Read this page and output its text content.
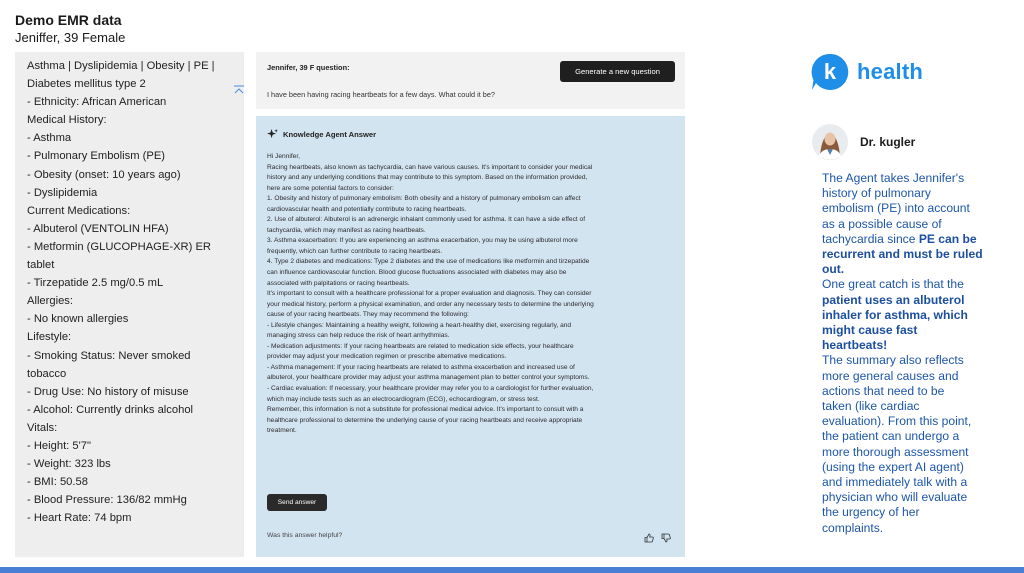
Demo EMR data
Jeniffer, 39 Female
Asthma | Dyslipidemia | Obesity | PE |
Diabetes mellitus type 2
- Ethnicity: African American
Medical History:
- Asthma
- Pulmonary Embolism (PE)
- Obesity (onset: 10 years ago)
- Dyslipidemia
Current Medications:
- Albuterol (VENTOLIN HFA)
- Metformin (GLUCOPHAGE-XR) ER
tablet
- Tirzepatide 2.5 mg/0.5 mL
Allergies:
- No known allergies
Lifestyle:
- Smoking Status: Never smoked
tobacco
- Drug Use: No history of misuse
- Alcohol: Currently drinks alcohol
Vitals:
- Height: 5'7"
- Weight: 323 lbs
- BMI: 50.58
- Blood Pressure: 136/82 mmHg
- Heart Rate: 74 bpm
Jennifer, 39 F question:	Generate a new question
I have been having racing heartbeats for a few days. What could it be?
Knowledge Agent Answer
Hi Jennifer,
Racing heartbeats, also known as tachycardia, can have various causes. It's important to consider your medical
history and any underlying conditions that may contribute to this symptom. Based on the information provided,
here are some potential factors to consider:
1. Obesity and history of pulmonary embolism: Both obesity and a history of pulmonary embolism can affect
cardiovascular health and potentially contribute to racing heartbeats.
2. Use of albuterol: Albuterol is an adrenergic inhalant commonly used for asthma. It can have a side effect of
tachycardia, which may manifest as racing heartbeats.
3. Asthma exacerbation: If you are experiencing an asthma exacerbation, you may be using albuterol more
frequently, which can further contribute to racing heartbeats.
4. Type 2 diabetes and medications: Type 2 diabetes and the use of medications like metformin and tirzepatide
can influence cardiovascular function. Blood glucose fluctuations associated with diabetes may also be
associated with palpitations or racing heartbeats.
It's important to consult with a healthcare professional for a proper evaluation and diagnosis. They can consider
your medical history, perform a physical examination, and order any necessary tests to determine the underlying
cause of your racing heartbeats. They may recommend the following:
- Lifestyle changes: Maintaining a healthy weight, following a heart-healthy diet, exercising regularly, and
managing stress can help reduce the risk of heart arrhythmias.
- Medication adjustments: If your racing heartbeats are related to medication side effects, your healthcare
provider may adjust your medication regimen or prescribe alternative medications.
- Asthma management: If your racing heartbeats are related to asthma exacerbation and increased use of
albuterol, your healthcare provider may adjust your asthma management plan to better control your symptoms.
- Cardiac evaluation: If necessary, your healthcare provider may refer you to a cardiologist for further evaluation,
which may include tests such as an electrocardiogram (ECG), echocardiogram, or stress test.
Remember, this information is not a substitute for professional medical advice. It's important to consult with a
healthcare professional to determine the underlying cause of your racing heartbeats and receive appropriate
treatment.
Send answer
Was this answer helpful?
k health
Dr. kugler
The Agent takes Jennifer's
history of pulmonary
embolism (PE) into account
as a possible cause of
tachycardia since PE can be
recurrent and must be ruled
out.
One great catch is that the
patient uses an albuterol
inhaler for asthma, which
might cause fast
heartbeats!
The summary also reflects
more general causes and
actions that need to be
taken (like cardiac
evaluation). From this point,
the patient can undergo a
more thorough assessment
(using the expert AI agent)
and immediately talk with a
physician who will evaluate
the urgency of her
complaints.
